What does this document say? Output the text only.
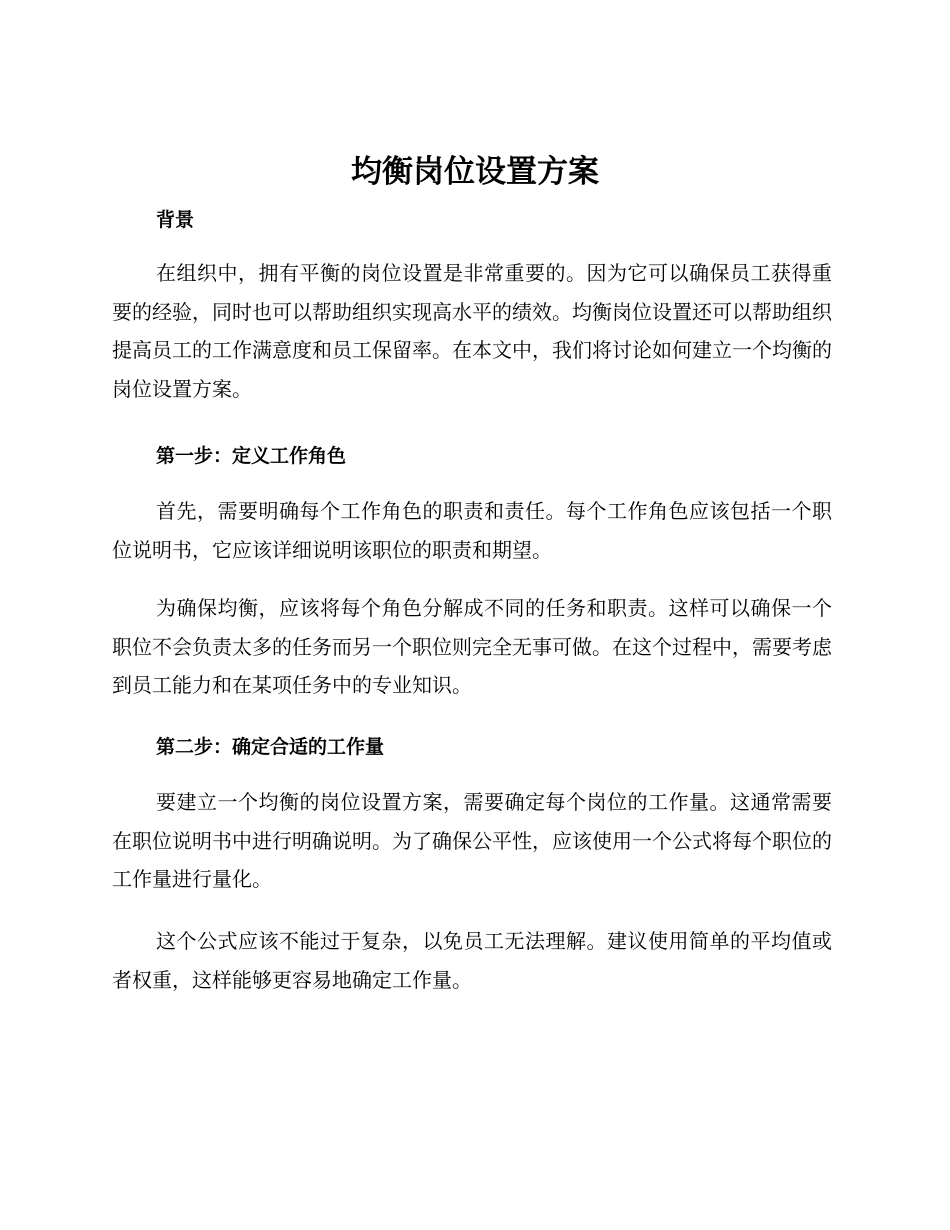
均衡岗位设置方案
背景

在组织中，拥有平衡的岗位设置是非常重要的。因为它可以确保员工获得重要的经验，同时也可以帮助组织实现高水平的绩效。均衡岗位设置还可以帮助组织提高员工的工作满意度和员工保留率。在本文中，我们将讨论如何建立一个均衡的岗位设置方案。

第一步：定义工作角色

首先，需要明确每个工作角色的职责和责任。每个工作角色应该包括一个职位说明书，它应该详细说明该职位的职责和期望。

为确保均衡，应该将每个角色分解成不同的任务和职责。这样可以确保一个职位不会负责太多的任务而另一个职位则完全无事可做。在这个过程中，需要考虑到员工能力和在某项任务中的专业知识。

第二步：确定合适的工作量

要建立一个均衡的岗位设置方案，需要确定每个岗位的工作量。这通常需要在职位说明书中进行明确说明。为了确保公平性，应该使用一个公式将每个职位的工作量进行量化。

这个公式应该不能过于复杂，以免员工无法理解。建议使用简单的平均值或者权重，这样能够更容易地确定工作量。
